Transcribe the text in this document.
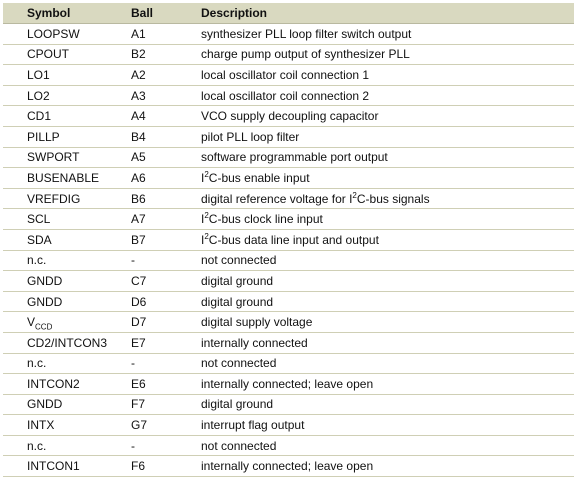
Symbol	Ball	Description
LOOPSW	A1	synthesizer PLL loop filter switch output
CPOUT	B2	charge pump output of synthesizer PLL
LO1	A2	local oscillator coil connection 1
LO2	A3	local oscillator coil connection 2
CD1	A4	VCO supply decoupling capacitor
PILLP	B4	pilot PLL loop filter
SWPORT	A5	software programmable port output
BUSENABLE	A6	$I^2C$-bus enable input
VREFDIG	B6	digital reference voltage for $I^2C$-bus signals
SCL	A7	$I^2C$-bus clock line input
SDA	B7	$I^2C$-bus data line input and output
n.c.	-	not connected
GNDD	C7	digital ground
GNDD	D6	digital ground
$V_{CCD}$	D7	digital supply voltage
CD2/INTCON3	E7	internally connected
n.c.	-	not connected
INTCON2	E6	internally connected; leave open
GNDD	F7	digital ground
INTX	G7	interrupt flag output
n.c.	-	not connected
INTCON1	F6	internally connected; leave open
